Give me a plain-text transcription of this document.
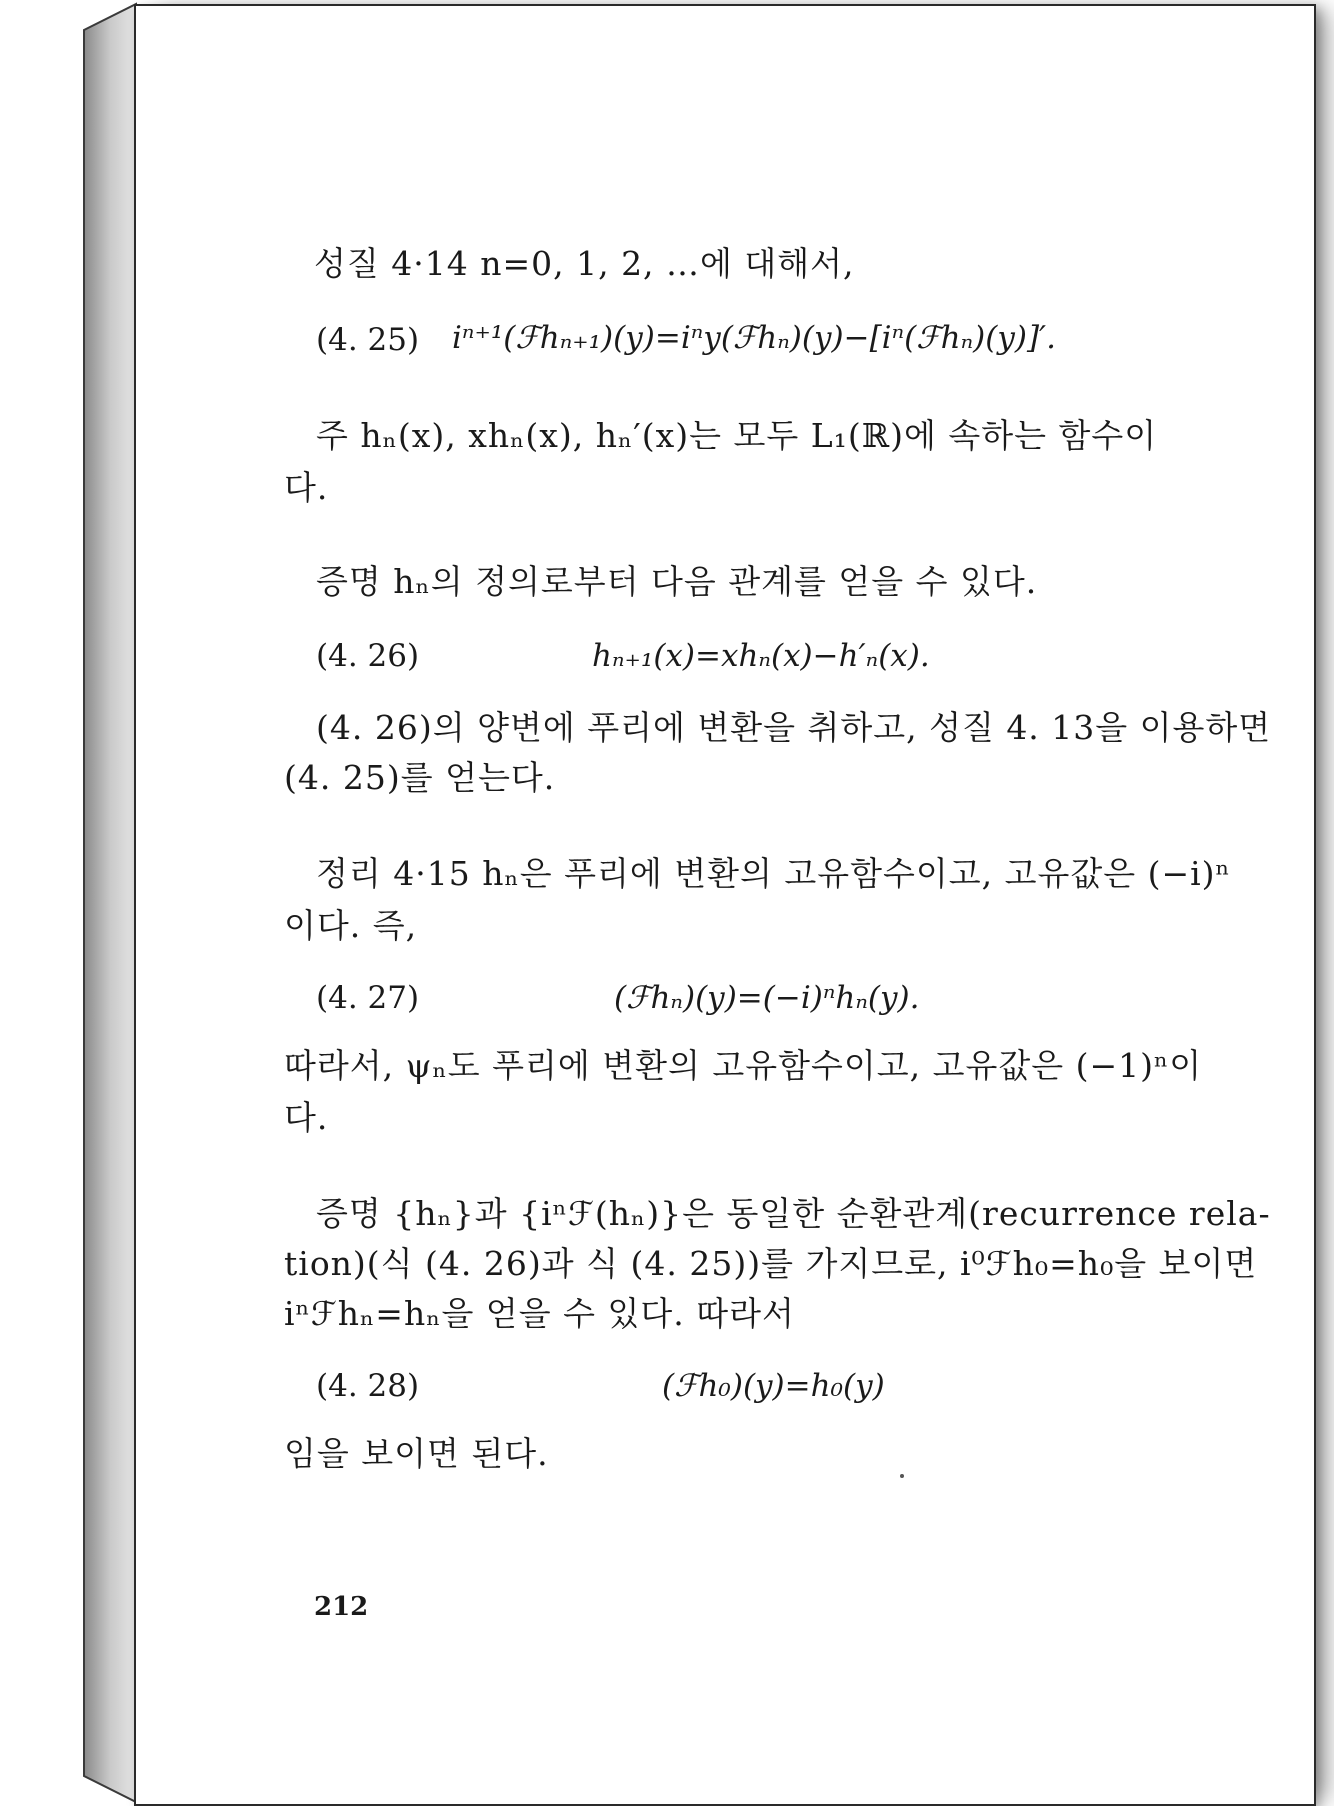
성질 4·14 n=0, 1, 2, …에 대해서,
(4. 25) iⁿ⁺¹(ℱhₙ₊₁)(y)=iⁿy(ℱhₙ)(y)−[iⁿ(ℱhₙ)(y)]′.
주 hₙ(x), xhₙ(x), hₙ′(x)는 모두 L₁(ℝ)에 속하는 함수이
다.
증명 hₙ의 정의로부터 다음 관계를 얻을 수 있다.
(4. 26)	hₙ₊₁(x)=xhₙ(x)−h′ₙ(x).
(4. 26)의 양변에 푸리에 변환을 취하고, 성질 4. 13을 이용하면
(4. 25)를 얻는다.
정리 4·15 hₙ은 푸리에 변환의 고유함수이고, 고유값은 (−i)ⁿ
이다. 즉,
(4. 27)	(ℱhₙ)(y)=(−i)ⁿhₙ(y).
따라서, ψₙ도 푸리에 변환의 고유함수이고, 고유값은 (−1)ⁿ이
다.
증명 {hₙ}과 {iⁿℱ(hₙ)}은 동일한 순환관계(recurrence rela-
tion)(식 (4. 26)과 식 (4. 25))를 가지므로, i⁰ℱh₀=h₀을 보이면
iⁿℱhₙ=hₙ을 얻을 수 있다. 따라서
(4. 28)	(ℱh₀)(y)=h₀(y)
임을 보이면 된다.
212
